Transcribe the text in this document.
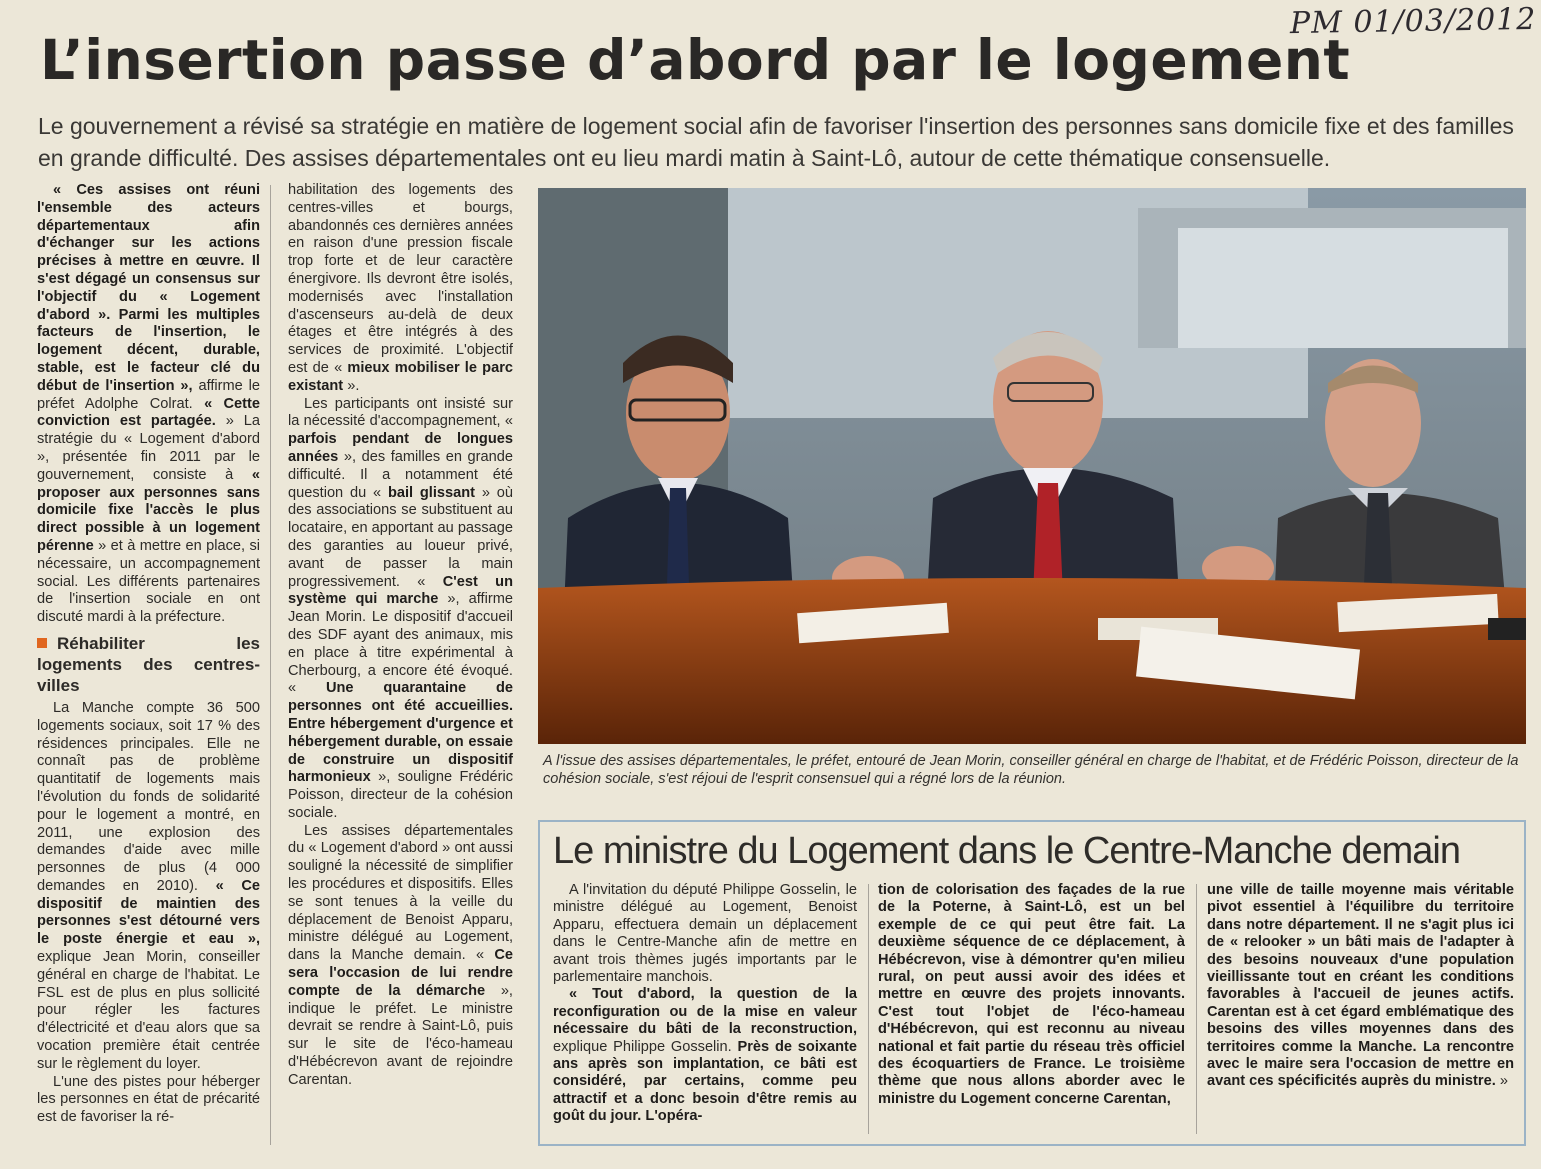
PM 01/03/2012
L’insertion passe d’abord par le logement
Le gouvernement a révisé sa stratégie en matière de logement social afin de favoriser l'insertion des personnes sans domicile fixe et des familles en grande difficulté. Des assises départementales ont eu lieu mardi matin à Saint-Lô, autour de cette thématique consensuelle.

« Ces assises ont réuni l'ensemble des acteurs départementaux afin d'échanger sur les actions précises à mettre en œuvre. Il s'est dégagé un consensus sur l'objectif du « Logement d'abord ». Parmi les multiples facteurs de l'insertion, le logement décent, durable, stable, est le facteur clé du début de l'insertion », affirme le préfet Adolphe Colrat. « Cette conviction est partagée. » La stratégie du « Logement d'abord », présentée fin 2011 par le gouvernement, consiste à « proposer aux personnes sans domicile fixe l'accès le plus direct possible à un logement pérenne » et à mettre en place, si nécessaire, un accompagnement social. Les différents partenaires de l'insertion sociale en ont discuté mardi à la préfecture.

Réhabiliter les logements des centres-villes

La Manche compte 36 500 logements sociaux, soit 17 % des résidences principales. Elle ne connaît pas de problème quantitatif de logements mais l'évolution du fonds de solidarité pour le logement a montré, en 2011, une explosion des demandes d'aide avec mille personnes de plus (4 000 demandes en 2010). « Ce dispositif de maintien des personnes s'est détourné vers le poste énergie et eau », explique Jean Morin, conseiller général en charge de l'habitat. Le FSL est de plus en plus sollicité pour régler les factures d'électricité et d'eau alors que sa vocation première était centrée sur le règlement du loyer.

L'une des pistes pour héberger les personnes en état de précarité est de favoriser la ré-

habilitation des logements des centres-villes et bourgs, abandonnés ces dernières années en raison d'une pression fiscale trop forte et de leur caractère énergivore. Ils devront être isolés, modernisés avec l'installation d'ascenseurs au-delà de deux étages et être intégrés à des services de proximité. L'objectif est de « mieux mobiliser le parc existant ».

Les participants ont insisté sur la nécessité d'accompagnement, « parfois pendant de longues années », des familles en grande difficulté. Il a notamment été question du « bail glissant » où des associations se substituent au locataire, en apportant au passage des garanties au loueur privé, avant de passer la main progressivement. « C'est un système qui marche », affirme Jean Morin. Le dispositif d'accueil des SDF ayant des animaux, mis en place à titre expérimental à Cherbourg, a encore été évoqué. « Une quarantaine de personnes ont été accueillies. Entre hébergement d'urgence et hébergement durable, on essaie de construire un dispositif harmonieux », souligne Frédéric Poisson, directeur de la cohésion sociale.

Les assises départementales du « Logement d'abord » ont aussi souligné la nécessité de simplifier les procédures et dispositifs. Elles se sont tenues à la veille du déplacement de Benoist Apparu, ministre délégué au Logement, dans la Manche demain. « Ce sera l'occasion de lui rendre compte de la démarche », indique le préfet. Le ministre devrait se rendre à Saint-Lô, puis sur le site de l'éco-hameau d'Hébécrevon avant de rejoindre Carentan.

A l'issue des assises départementales, le préfet, entouré de Jean Morin, conseiller général en charge de l'habitat, et de Frédéric Poisson, directeur de la cohésion sociale, s'est réjoui de l'esprit consensuel qui a régné lors de la réunion.
Le ministre du Logement dans le Centre-Manche demain

A l'invitation du député Philippe Gosselin, le ministre délégué au Logement, Benoist Apparu, effectuera demain un déplacement dans le Centre-Manche afin de mettre en avant trois thèmes jugés importants par le parlementaire manchois.

« Tout d'abord, la question de la reconfiguration ou de la mise en valeur nécessaire du bâti de la reconstruction, explique Philippe Gosselin. Près de soixante ans après son implantation, ce bâti est considéré, par certains, comme peu attractif et a donc besoin d'être remis au goût du jour. L'opéra-

tion de colorisation des façades de la rue de la Poterne, à Saint-Lô, est un bel exemple de ce qui peut être fait. La deuxième séquence de ce déplacement, à Hébécrevon, vise à démontrer qu'en milieu rural, on peut aussi avoir des idées et mettre en œuvre des projets innovants. C'est tout l'objet de l'éco-hameau d'Hébécrevon, qui est reconnu au niveau national et fait partie du réseau très officiel des écoquartiers de France. Le troisième thème que nous allons aborder avec le ministre du Logement concerne Carentan,

une ville de taille moyenne mais véritable pivot essentiel à l'équilibre du territoire dans notre département. Il ne s'agit plus ici de « relooker » un bâti mais de l'adapter à des besoins nouveaux d'une population vieillissante tout en créant les conditions favorables à l'accueil de jeunes actifs. Carentan est à cet égard emblématique des besoins des villes moyennes dans des territoires comme la Manche. La rencontre avec le maire sera l'occasion de mettre en avant ces spécificités auprès du ministre. »
